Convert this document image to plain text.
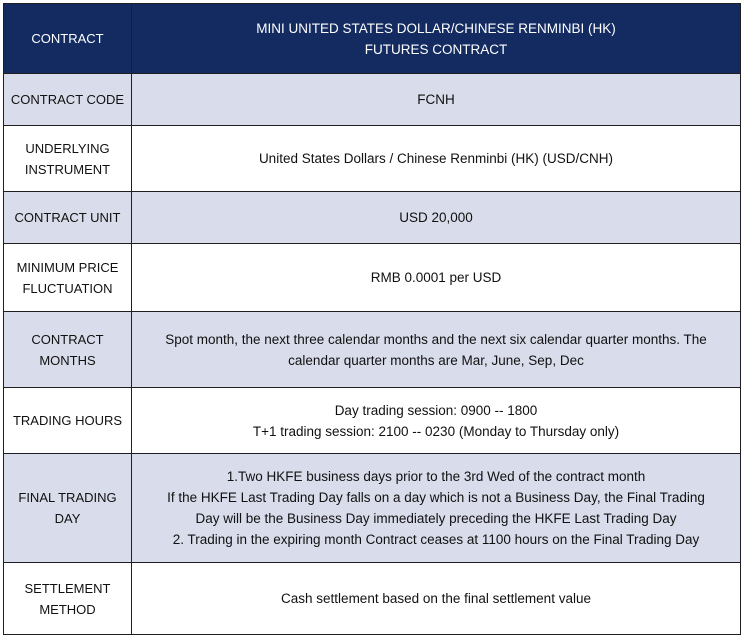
CONTRACT	MINI UNITED STATES DOLLAR/CHINESE RENMINBI (HK)
FUTURES CONTRACT

CONTRACT CODE	FCNH

UNDERLYING
INSTRUMENT	United States Dollars / Chinese Renminbi (HK) (USD/CNH)

CONTRACT UNIT	USD 20,000

MINIMUM PRICE
FLUCTUATION	RMB 0.0001 per USD

CONTRACT
MONTHS	Spot month, the next three calendar months and the next six calendar quarter months. The
calendar quarter months are Mar, June, Sep, Dec

TRADING HOURS	Day trading session: 0900 -- 1800
T+1 trading session: 2100 -- 0230 (Monday to Thursday only)

FINAL TRADING
DAY	1.Two HKFE business days prior to the 3rd Wed of the contract month
If the HKFE Last Trading Day falls on a day which is not a Business Day, the Final Trading
Day will be the Business Day immediately preceding the HKFE Last Trading Day
2. Trading in the expiring month Contract ceases at 1100 hours on the Final Trading Day

SETTLEMENT
METHOD	Cash settlement based on the final settlement value
